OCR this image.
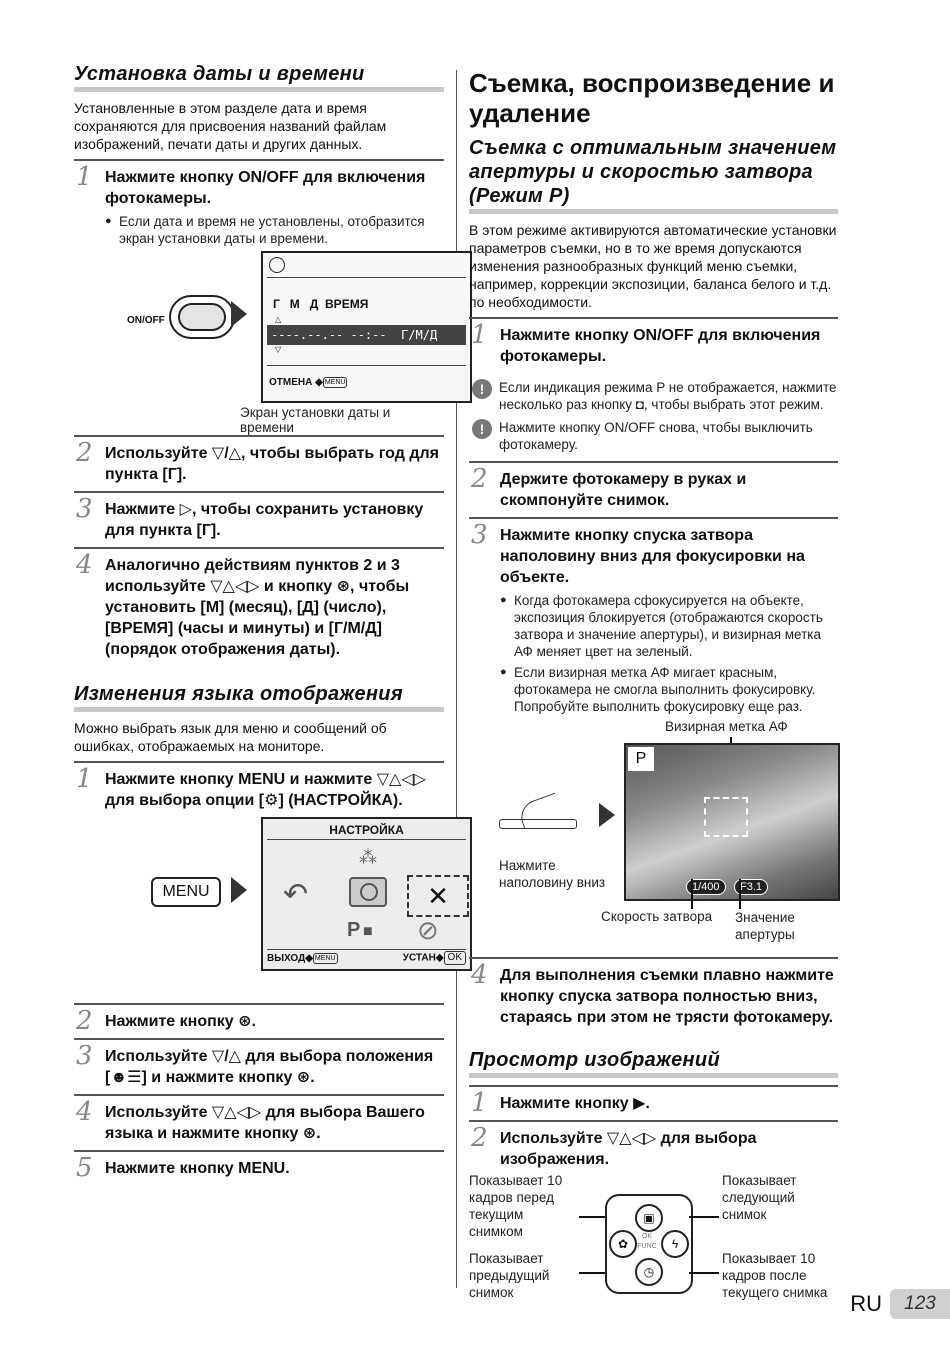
Установка даты и времени
Установленные в этом разделе дата и время сохраняются для присвоения названий файлам изображений, печати даты и других данных.
1 Нажмите кнопку ON/OFF для включения фотокамеры.
● Если дата и время не установлены, отобразится экран установки даты и времени.
ON/OFF
Г   М   Д  ВРЕМЯ
△
----.--.-- --:--  Г/М/Д
▽
ОТМЕНА ◆ MENU
Экран установки даты и времени
2 Используйте ▽/△, чтобы выбрать год для пункта [Г].
3 Нажмите ▷, чтобы сохранить установку для пункта [Г].
4 Аналогично действиям пунктов 2 и 3 используйте ▽△◁▷ и кнопку ⊛, чтобы установить [М] (месяц), [Д] (число), [ВРЕМЯ] (часы и минуты) и [Г/М/Д] (порядок отображения даты).
Изменения языка отображения
Можно выбрать язык для меню и сообщений об ошибках, отображаемых на мониторе.
1 Нажмите кнопку MENU и нажмите ▽△◁▷ для выбора опции [⚙] (НАСТРОЙКА).
MENU
НАСТРОЙКА
↶
⁂
✕
P ■ ⊘
ВЫХОД◆ MENU	УСТАН◆ OK
2 Нажмите кнопку ⊛.
3 Используйте ▽/△ для выбора положения [☻☰] и нажмите кнопку ⊛.
4 Используйте ▽△◁▷ для выбора Вашего языка и нажмите кнопку ⊛.
5 Нажмите кнопку MENU.
Съемка, воспроизведение и удаление
Съемка с оптимальным значением апертуры и скоростью затвора (Режим P)
В этом режиме активируются автоматические установки параметров съемки, но в то же время допускаются изменения разнообразных функций меню съемки, например, коррекции экспозиции, баланса белого и т.д. по необходимости.
1 Нажмите кнопку ON/OFF для включения фотокамеры.
!	Если индикация режима P не отображается, нажмите несколько раз кнопку ◘, чтобы выбрать этот режим.
!	Нажмите кнопку ON/OFF снова, чтобы выключить фотокамеру.
2 Держите фотокамеру в руках и скомпонуйте снимок.
3 Нажмите кнопку спуска затвора наполовину вниз для фокусировки на объекте.
● Когда фотокамера сфокусируется на объекте, экспозиция блокируется (отображаются скорость затвора и значение апертуры), и визирная метка АФ меняет цвет на зеленый.
● Если визирная метка АФ мигает красным, фотокамера не смогла выполнить фокусировку. Попробуйте выполнить фокусировку еще раз.
Визирная метка АФ
P
1/400	F3.1
Нажмите наполовину вниз
Скорость затвора Значение апертуры
4 Для выполнения съемки плавно нажмите кнопку спуска затвора полностью вниз, стараясь при этом не трясти фотокамеру.
Просмотр изображений
1 Нажмите кнопку ▶.
2 Используйте ▽△◁▷ для выбора изображения.
Показывает 10 кадров перед текущим снимком
Показывает следующий снимок
Показывает предыдущий снимок
Показывает 10 кадров после текущего снимка
▣
✿	ϟ
◷
OK
FUNC
RU	123
